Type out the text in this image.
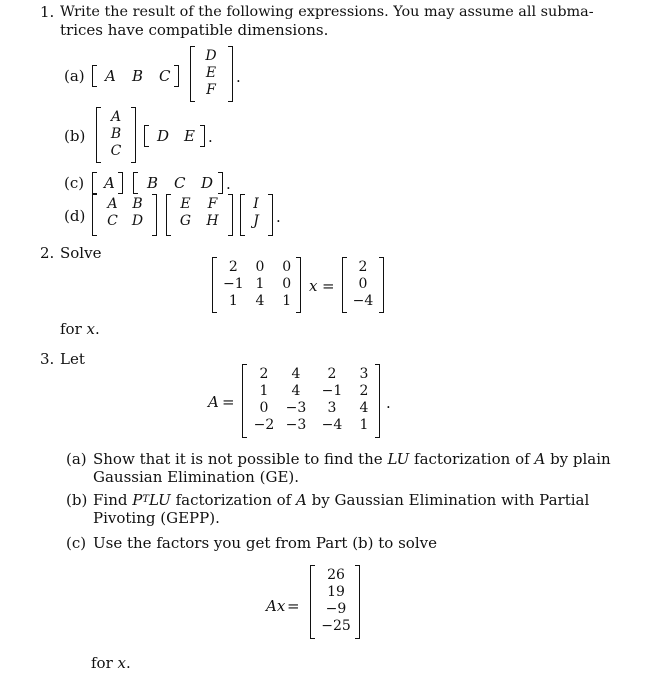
1. Write the result of the following expressions. You may assume all subma-
trices have compatible dimensions.
(a) A B C
D
E
F
.
(b)
A
B
C
D E .
(c) A B C D .
(d)
A	B
C	D
E	F
G	H
I
J	.
2. Solve
2	0	0
−1 1	0
1	4	1
x =
2
0
−4
for
x .
3. Let
A =
2	4	2	3
1	4	−1	2
0	−3	3	4
−2 −3	−4	1
.
(a) Show that it is not possible to find the
LU
factorization of
A
by plain
Gaussian Elimination (GE).
(b) Find
P T LU
factorization of
A
by Gaussian Elimination with Partial
Pivoting (GEPP).
(c) Use the factors you get from Part (b) to solve
Ax =
26
19
−9
−25
for
x .
